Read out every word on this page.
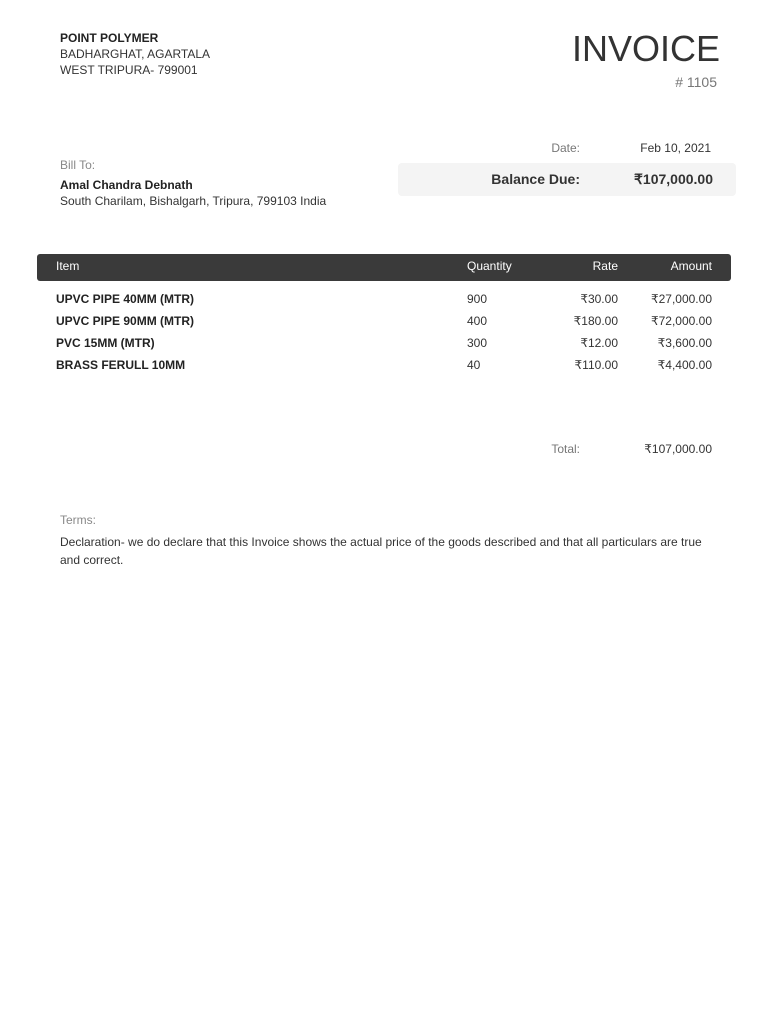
POINT POLYMER
BADHARGHAT, AGARTALA
WEST TRIPURA- 799001
INVOICE
# 1105
Date:	Feb 10, 2021
Balance Due:	₹107,000.00
Bill To:
Amal Chandra Debnath
South Charilam, Bishalgarh, Tripura, 799103 India
Item	Quantity	Rate	Amount
UPVC PIPE 40MM (MTR)	900	₹30.00	₹27,000.00
UPVC PIPE 90MM (MTR)	400	₹180.00	₹72,000.00
PVC 15MM (MTR)	300	₹12.00	₹3,600.00
BRASS FERULL 10MM	40	₹110.00	₹4,400.00
Total:	₹107,000.00
Terms:
Declaration- we do declare that this Invoice shows the actual price of the goods described and that all particulars are true and correct.
